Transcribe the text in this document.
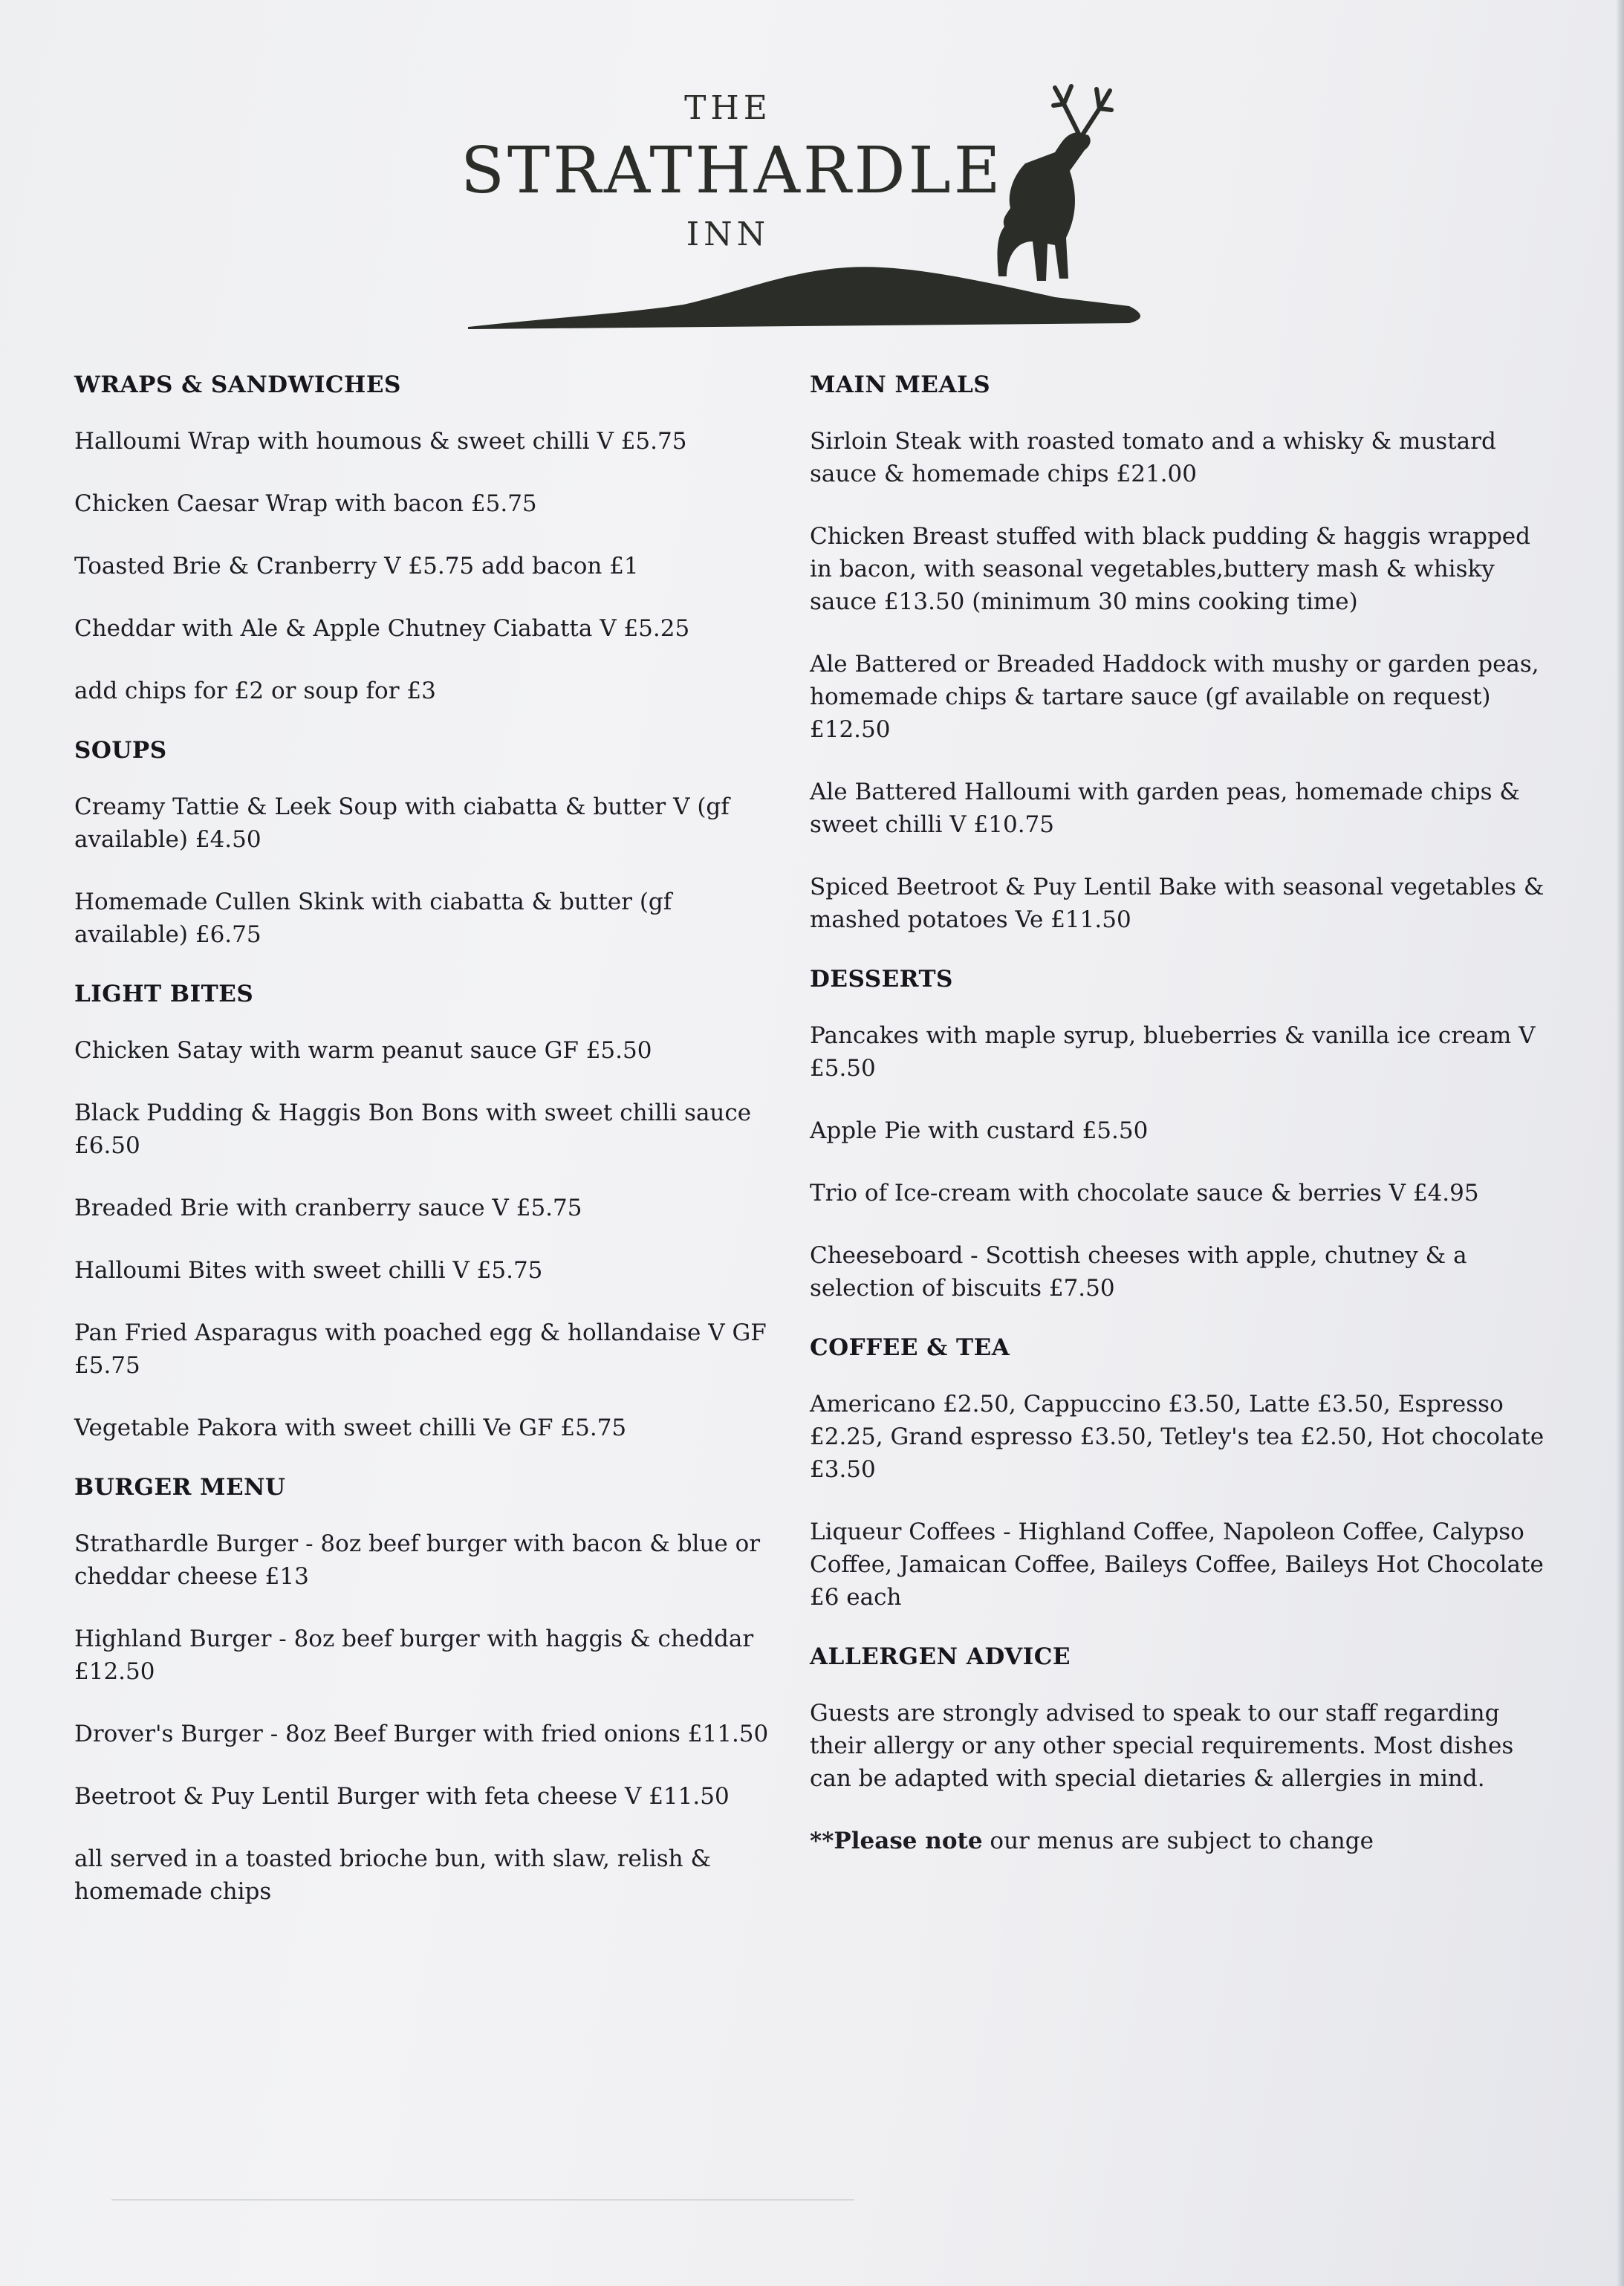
THE
STRATHARDLE
INN
WRAPS & SANDWICHES
Halloumi Wrap with houmous & sweet chilli V £5.75
Chicken Caesar Wrap with bacon £5.75
Toasted Brie & Cranberry V £5.75 add bacon £1
Cheddar with Ale & Apple Chutney Ciabatta V £5.25
add chips for £2 or soup for £3
SOUPS
Creamy Tattie & Leek Soup with ciabatta & butter V (gf available) £4.50
Homemade Cullen Skink with ciabatta & butter (gf available) £6.75
LIGHT BITES
Chicken Satay with warm peanut sauce GF £5.50
Black Pudding & Haggis Bon Bons with sweet chilli sauce £6.50
Breaded Brie with cranberry sauce V £5.75
Halloumi Bites with sweet chilli V £5.75
Pan Fried Asparagus with poached egg & hollandaise V GF £5.75
Vegetable Pakora with sweet chilli Ve GF £5.75
BURGER MENU
Strathardle Burger - 8oz beef burger with bacon & blue or cheddar cheese £13
Highland Burger - 8oz beef burger with haggis & cheddar £12.50
Drover's Burger - 8oz Beef Burger with fried onions £11.50
Beetroot & Puy Lentil Burger with feta cheese V £11.50
all served in a toasted brioche bun, with slaw, relish & homemade chips
MAIN MEALS
Sirloin Steak with roasted tomato and a whisky & mustard sauce & homemade chips £21.00
Chicken Breast stuffed with black pudding & haggis wrapped in bacon, with seasonal vegetables,buttery mash & whisky sauce £13.50 (minimum 30 mins cooking time)
Ale Battered or Breaded Haddock with mushy or garden peas, homemade chips & tartare sauce (gf available on request) £12.50
Ale Battered Halloumi with garden peas, homemade chips & sweet chilli V £10.75
Spiced Beetroot & Puy Lentil Bake with seasonal vegetables & mashed potatoes Ve £11.50
DESSERTS
Pancakes with maple syrup, blueberries & vanilla ice cream V £5.50
Apple Pie with custard £5.50
Trio of Ice-cream with chocolate sauce & berries V £4.95
Cheeseboard - Scottish cheeses with apple, chutney & a selection of biscuits £7.50
COFFEE & TEA
Americano £2.50, Cappuccino £3.50, Latte £3.50, Espresso £2.25, Grand espresso £3.50, Tetley's tea £2.50, Hot chocolate £3.50
Liqueur Coffees - Highland Coffee, Napoleon Coffee, Calypso Coffee, Jamaican Coffee, Baileys Coffee, Baileys Hot Chocolate £6 each
ALLERGEN ADVICE
Guests are strongly advised to speak to our staff regarding their allergy or any other special requirements. Most dishes can be adapted with special dietaries & allergies in mind.

**Please note our menus are subject to change
